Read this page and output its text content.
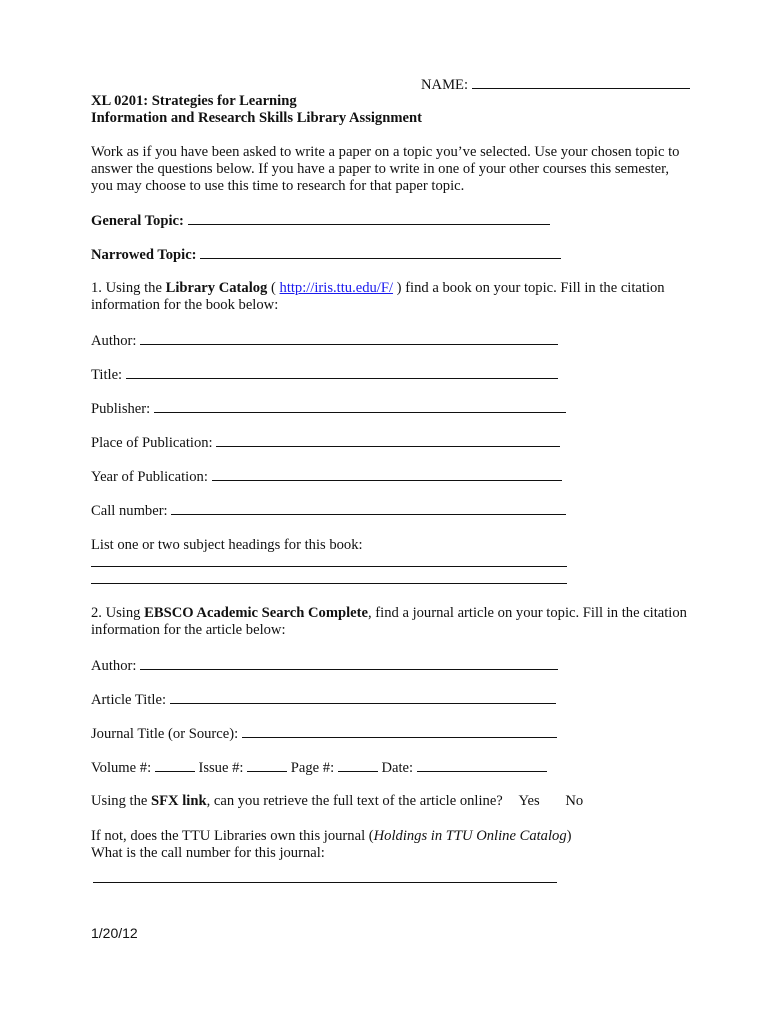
NAME:
XL 0201: Strategies for Learning
Information and Research Skills Library Assignment
Work as if you have been asked to write a paper on a topic you’ve selected. Use your chosen topic to
answer the questions below. If you have a paper to write in one of your other courses this semester,
you may choose to use this time to research for that paper topic.
General Topic:
Narrowed Topic:
1. Using the Library Catalog ( http://iris.ttu.edu/F/ ) find a book on your topic. Fill in the citation
information for the book below:
Author:
Title:
Publisher:
Place of Publication:
Year of Publication:
Call number:
List one or two subject headings for this book:
2. Using EBSCO Academic Search Complete, find a journal article on your topic. Fill in the citation
information for the article below:
Author:
Article Title:
Journal Title (or Source):
Volume #:	Issue #:	Page #:	Date:
Using the SFX link, can you retrieve the full text of the article online? Yes No
If not, does the TTU Libraries own this journal (Holdings in TTU Online Catalog)
What is the call number for this journal:
1/20/12
